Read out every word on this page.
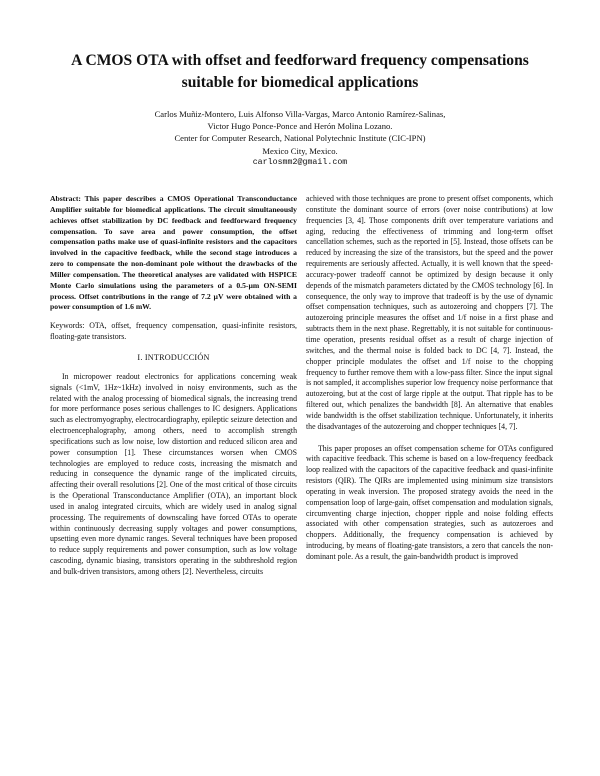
A CMOS OTA with offset and feedforward frequency compensations
suitable for biomedical applications
Carlos Muñiz-Montero, Luis Alfonso Villa-Vargas, Marco Antonio Ramírez-Salinas,
Victor Hugo Ponce-Ponce and Herón Molina Lozano.
Center for Computer Research, National Polytechnic Institute (CIC-IPN)
Mexico City, Mexico.
carlosmm2@gmail.com

Abstract: This paper describes a CMOS Operational Transconductance Amplifier suitable for biomedical applications. The circuit simultaneously achieves offset stabilization by DC feedback and feedforward frequency compensation. To save area and power consumption, the offset compensation paths make use of quasi-infinite resistors and the capacitors involved in the capacitive feedback, while the second stage introduces a zero to compensate the non-dominant pole without the drawbacks of the Miller compensation. The theoretical analyses are validated with HSPICE Monte Carlo simulations using the parameters of a 0.5-µm ON-SEMI process. Offset contributions in the range of 7.2 µV were obtained with a power consumption of 1.6 mW.

Keywords: OTA, offset, frequency compensation, quasi-infinite resistors, floating-gate transistors.

I. INTRODUCCIÓN

In micropower readout electronics for applications concerning weak signals (<1mV, 1Hz~1kHz) involved in noisy environments, such as the related with the analog processing of biomedical signals, the increasing trend for more performance poses serious challenges to IC designers. Applications such as electromyography, electrocardiography, epileptic seizure detection and electroencephalography, among others, need to accomplish strength specifications such as low noise, low distortion and reduced silicon area and power consumption [1]. These circumstances worsen when CMOS technologies are employed to reduce costs, increasing the mismatch and reducing in consequence the dynamic range of the implicated circuits, affecting their overall resolutions [2]. One of the most critical of those circuits is the Operational Transconductance Amplifier (OTA), an important block used in analog integrated circuits, which are widely used in analog signal processing. The requirements of downscaling have forced OTAs to operate within continuously decreasing supply voltages and power consumptions, upsetting even more dynamic ranges. Several techniques have been proposed to reduce supply requirements and power consumption, such as low voltage cascoding, dynamic biasing, transistors operating in the subthreshold region and bulk-driven transistors, among others [2]. Nevertheless, circuits

achieved with those techniques are prone to present offset components, which constitute the dominant source of errors (over noise contributions) at low frequencies [3, 4]. Those components drift over temperature variations and aging, reducing the effectiveness of trimming and long-term offset cancellation schemes, such as the reported in [5]. Instead, those offsets can be reduced by increasing the size of the transistors, but the speed and the power requirements are seriously affected. Actually, it is well known that the speed-accuracy-power tradeoff cannot be optimized by design because it only depends of the mismatch parameters dictated by the CMOS technology [6]. In consequence, the only way to improve that tradeoff is by the use of dynamic offset compensation techniques, such as autozeroing and choppers [7]. The autozeroing principle measures the offset and 1/f noise in a first phase and subtracts them in the next phase. Regrettably, it is not suitable for continuous-time operation, presents residual offset as a result of charge injection of switches, and the thermal noise is folded back to DC [4, 7]. Instead, the chopper principle modulates the offset and 1/f noise to the chopping frequency to further remove them with a low-pass filter. Since the input signal is not sampled, it accomplishes superior low frequency noise performance that autozeroing, but at the cost of large ripple at the output. That ripple has to be filtered out, which penalizes the bandwidth [8]. An alternative that enables wide bandwidth is the offset stabilization technique. Unfortunately, it inherits the disadvantages of the autozeroing and chopper techniques [4, 7].

This paper proposes an offset compensation scheme for OTAs configured with capacitive feedback. This scheme is based on a low-frequency feedback loop realized with the capacitors of the capacitive feedback and quasi-infinite resistors (QIR). The QIRs are implemented using minimum size transistors operating in weak inversion. The proposed strategy avoids the need in the compensation loop of large-gain, offset compensation and modulation signals, circumventing charge injection, chopper ripple and noise folding effects associated with other compensation strategies, such as autozeroes and choppers. Additionally, the frequency compensation is achieved by introducing, by means of floating-gate transistors, a zero that cancels the non-dominant pole. As a result, the gain-bandwidth product is improved
